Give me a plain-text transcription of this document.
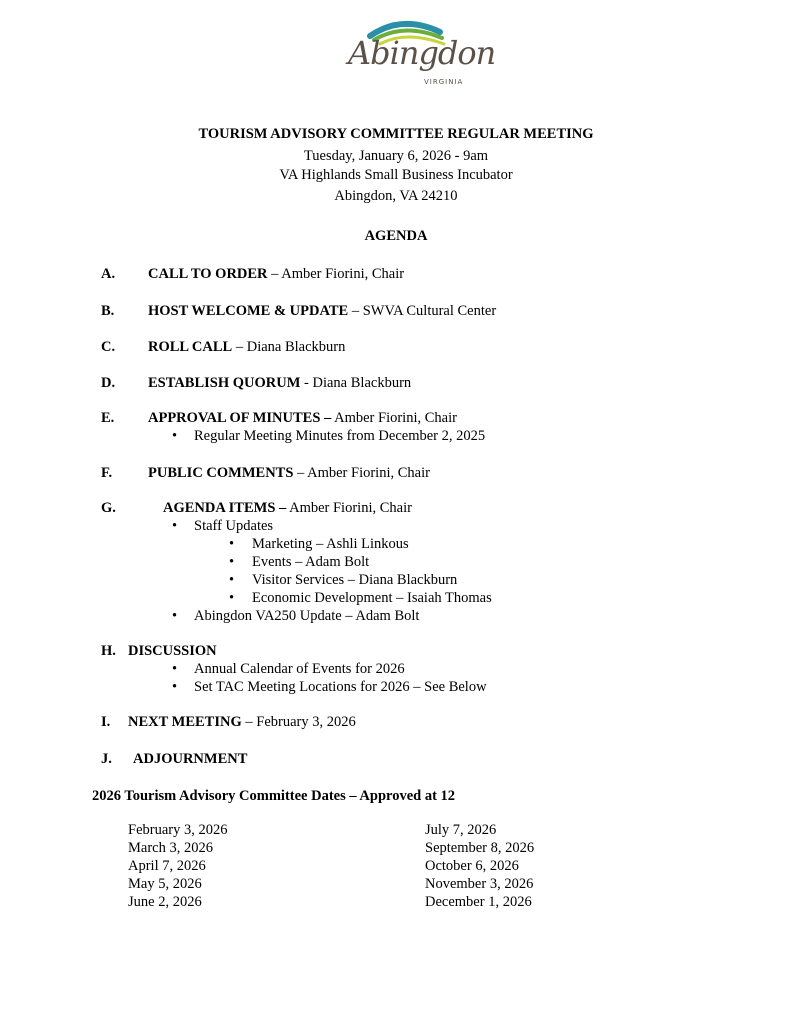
Abingdon
VIRGINIA
TOURISM ADVISORY COMMITTEE REGULAR MEETING
Tuesday, January 6, 2026 - 9am
VA Highlands Small Business Incubator
Abingdon, VA 24210
AGENDA
A. CALL TO ORDER – Amber Fiorini, Chair
B. HOST WELCOME & UPDATE – SWVA Cultural Center
C. ROLL CALL – Diana Blackburn
D. ESTABLISH QUORUM - Diana Blackburn
E. APPROVAL OF MINUTES – Amber Fiorini, Chair
• Regular Meeting Minutes from December 2, 2025
F. PUBLIC COMMENTS – Amber Fiorini, Chair
G.	AGENDA ITEMS – Amber Fiorini, Chair
• Staff Updates
• Marketing – Ashli Linkous
• Events – Adam Bolt
• Visitor Services – Diana Blackburn
• Economic Development – Isaiah Thomas
• Abingdon VA250 Update – Adam Bolt
H. DISCUSSION
• Annual Calendar of Events for 2026
• Set TAC Meeting Locations for 2026 – See Below
I. NEXT MEETING – February 3, 2026
J. ADJOURNMENT
2026 Tourism Advisory Committee Dates – Approved at 12
February 3, 2026
March 3, 2026
April 7, 2026
May 5, 2026
June 2, 2026
July 7, 2026
September 8, 2026
October 6, 2026
November 3, 2026
December 1, 2026
